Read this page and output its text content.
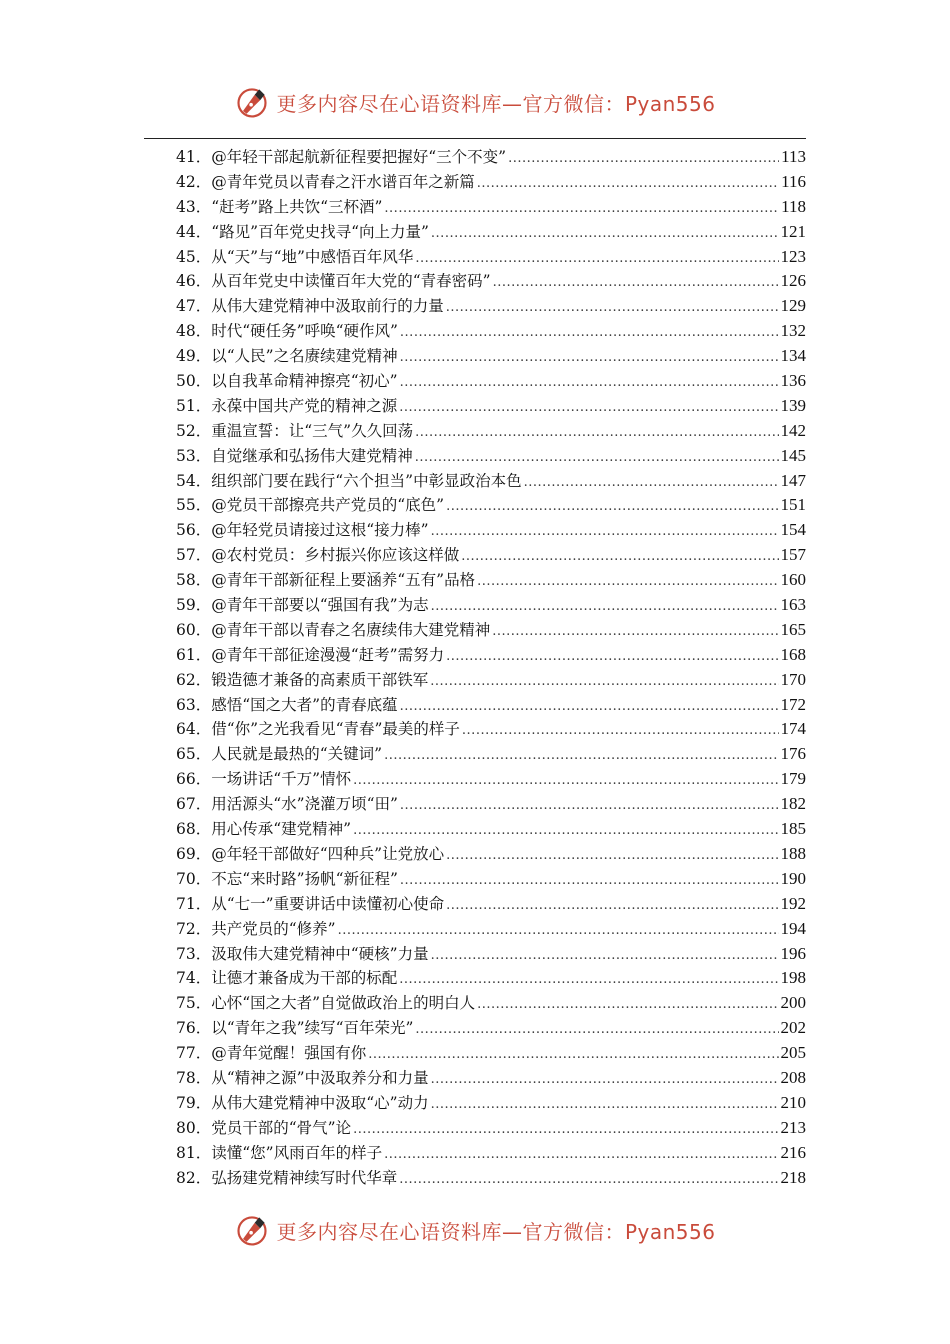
更多内容尽在心语资料库—官方微信：Pyan556
41．@年轻干部起航新征程要把握好“三个不变” .....	113
42．@青年党员以青春之汗水谱百年之新篇 .....	116
43．“赶考”路上共饮“三杯酒” .....	118
44．“路见”百年党史找寻“向上力量” .....	121
45．从“天”与“地”中感悟百年风华 .....	123
46．从百年党史中读懂百年大党的“青春密码” .....	126
47．从伟大建党精神中汲取前行的力量 .....	129
48．时代“硬任务”呼唤“硬作风” .....	132
49．以“人民”之名赓续建党精神 .....	134
50．以自我革命精神擦亮“初心” .....	136
51．永葆中国共产党的精神之源 .....	139
52．重温宣誓：让“三气”久久回荡 .....	142
53．自觉继承和弘扬伟大建党精神 .....	145
54．组织部门要在践行“六个担当”中彰显政治本色 .....	147
55．@党员干部擦亮共产党员的“底色” .....	151
56．@年轻党员请接过这根“接力棒” .....	154
57．@农村党员：乡村振兴你应该这样做 .....	157
58．@青年干部新征程上要涵养“五有”品格 .....	160
59．@青年干部要以“强国有我”为志 .....	163
60．@青年干部以青春之名赓续伟大建党精神 .....	165
61．@青年干部征途漫漫“赶考”需努力 .....	168
62．锻造德才兼备的高素质干部铁军 .....	170
63．感悟“国之大者”的青春底蕴 .....	172
64．借“你”之光我看见“青春”最美的样子 .....	174
65．人民就是最热的“关键词” .....	176
66．一场讲话“千万”情怀 .....	179
67．用活源头“水”浇灌万顷“田” .....	182
68．用心传承“建党精神” .....	185
69．@年轻干部做好“四种兵”让党放心 .....	188
70．不忘“来时路”扬帆“新征程” .....	190
71．从“七一”重要讲话中读懂初心使命 .....	192
72．共产党员的“修养” .....	194
73．汲取伟大建党精神中“硬核”力量 .....	196
74．让德才兼备成为干部的标配 .....	198
75．心怀“国之大者”自觉做政治上的明白人 .....	200
76．以“青年之我”续写“百年荣光” .....	202
77．@青年觉醒！强国有你 .....	205
78．从“精神之源”中汲取养分和力量 .....	208
79．从伟大建党精神中汲取“心”动力 .....	210
80．党员干部的“骨气”论 .....	213
81．读懂“您”风雨百年的样子 .....	216
82．弘扬建党精神续写时代华章 .....	218
更多内容尽在心语资料库—官方微信：Pyan556
